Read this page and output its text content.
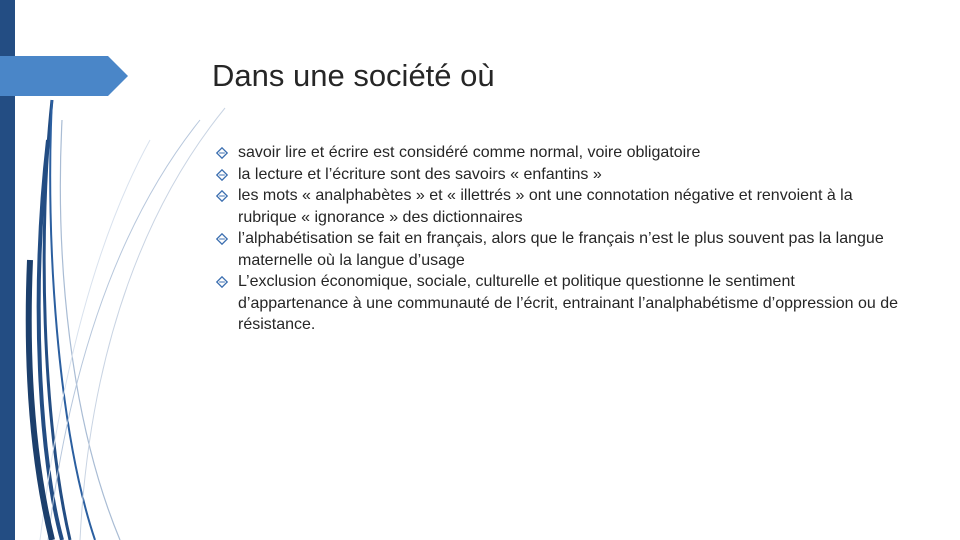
Dans une société où
savoir lire et écrire est considéré comme normal, voire obligatoire
la lecture et l’écriture sont des savoirs « enfantins »
les mots « analphabètes » et « illettrés » ont une connotation négative et renvoient à la rubrique « ignorance » des dictionnaires
l’alphabétisation se fait en français, alors que le français n’est le plus souvent pas la langue maternelle où la langue d’usage
L’exclusion économique, sociale, culturelle et politique questionne le sentiment d’appartenance à une communauté de l’écrit, entrainant l’analphabétisme d’oppression ou de résistance.
